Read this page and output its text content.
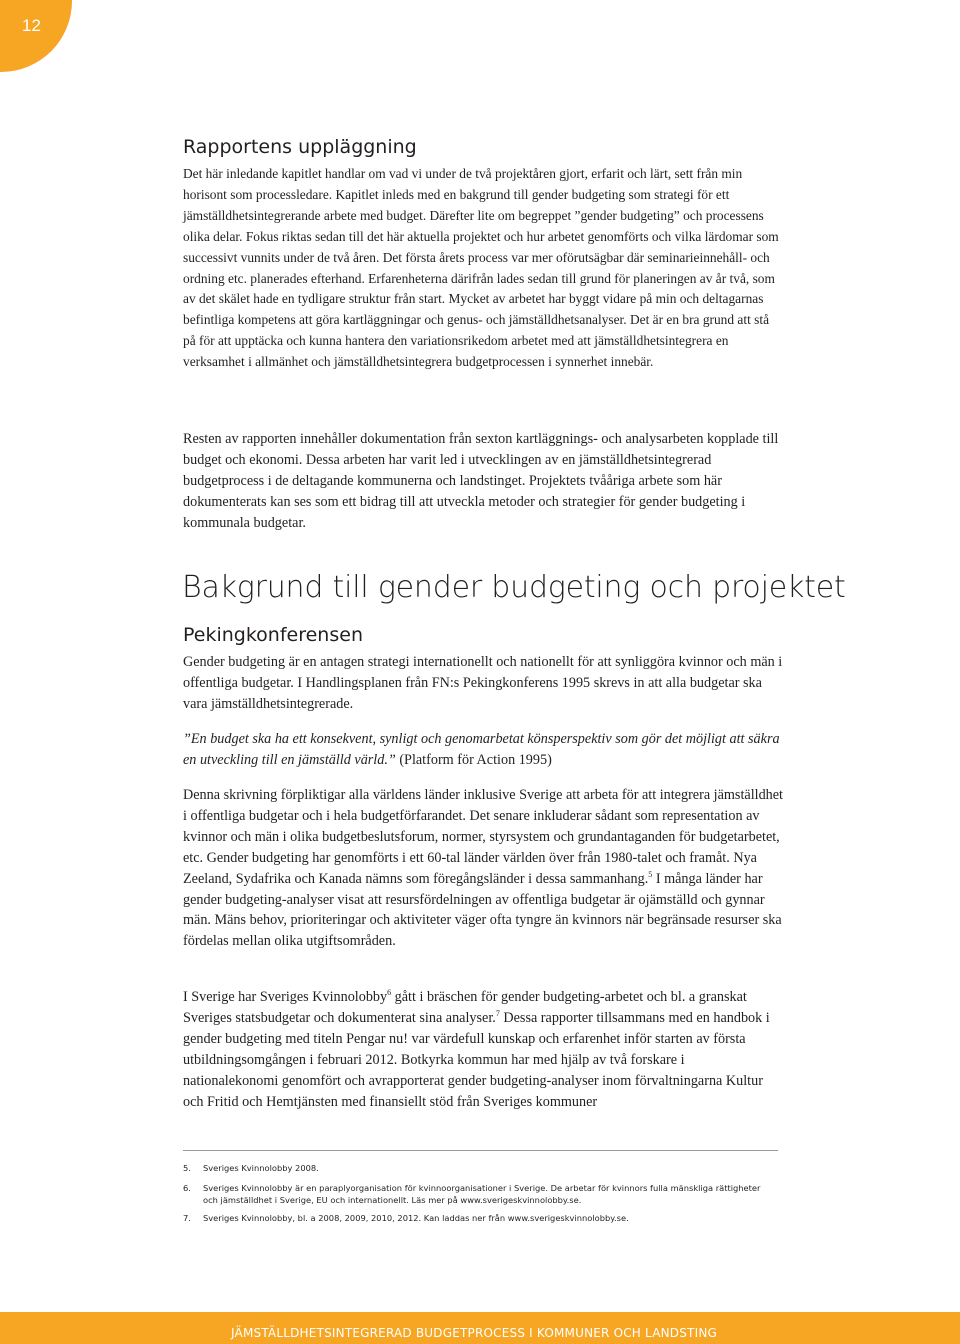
12
Rapportens uppläggning

Det här inledande kapitlet handlar om vad vi under de två projektåren gjort, erfarit och lärt, sett från min horisont som processledare. Kapitlet inleds med en bakgrund till gender budgeting som strategi för ett jämställdhetsintegrerande arbete med budget. Därefter lite om begreppet ”gender budgeting” och processens olika delar. Fokus riktas sedan till det här aktuella projektet och hur arbetet genomförts och vilka lärdomar som successivt vunnits under de två åren. Det första årets process var mer oförutsägbar där seminarieinnehåll- och ordning etc. planerades efterhand. Erfarenheterna därifrån lades sedan till grund för planeringen av år två, som av det skälet hade en tydligare struktur från start. Mycket av arbetet har byggt vidare på min och deltagarnas befintliga kompetens att göra kartläggningar och genus- och jämställdhetsanalyser. Det är en bra grund att stå på för att upptäcka och kunna hantera den variationsrikedom arbetet med att jämställdhetsintegrera en verksamhet i allmänhet och jämställdhetsintegrera budgetprocessen i synnerhet innebär.

Resten av rapporten innehåller dokumentation från sexton kartläggnings- och analysarbeten kopplade till budget och ekonomi. Dessa arbeten har varit led i utvecklingen av en jämställdhetsintegrerad budgetprocess i de deltagande kommunerna och landstinget. Projektets tvååriga arbete som här dokumenterats kan ses som ett bidrag till att utveckla metoder och strategier för gender budgeting i kommunala budgetar.

Bakgrund till gender budgeting och projektet
Pekingkonferensen

Gender budgeting är en antagen strategi internationellt och nationellt för att synliggöra kvinnor och män i offentliga budgetar. I Handlingsplanen från FN:s Pekingkonferens 1995 skrevs in att alla budgetar ska vara jämställdhetsintegrerade.

”En budget ska ha ett konsekvent, synligt och genomarbetat könsperspektiv som gör det möjligt att säkra en utveckling till en jämställd värld.” (Platform för Action 1995)

Denna skrivning förpliktigar alla världens länder inklusive Sverige att arbeta för att integrera jämställdhet i offentliga budgetar och i hela budgetförfarandet. Det senare inkluderar sådant som representation av kvinnor och män i olika budgetbeslutsforum, normer, styrsystem och grundantaganden för budgetarbetet, etc. Gender budgeting har genomförts i ett 60-tal länder världen över från 1980-talet och framåt. Nya Zeeland, Sydafrika och Kanada nämns som föregångsländer i dessa sammanhang.$^5$ I många länder har gender budgeting-analyser visat att resursfördelningen av offentliga budgetar är ojämställd och gynnar män. Mäns behov, prioriteringar och aktiviteter väger ofta tyngre än kvinnors när begränsade resurser ska fördelas mellan olika utgiftsområden.

I Sverige har Sveriges Kvinnolobby$^6$ gått i bräschen för gender budgeting-arbetet och bl. a granskat Sveriges statsbudgetar och dokumenterat sina analyser.$^7$ Dessa rapporter tillsammans med en handbok i gender budgeting med titeln Pengar nu! var värdefull kunskap och erfarenhet inför starten av första utbildningsomgången i februari 2012. Botkyrka kommun har med hjälp av två forskare i nationalekonomi genomfört och avrapporterat gender budgeting-analyser inom förvaltningarna Kultur och Fritid och Hemtjänsten med finansiellt stöd från Sveriges kommuner

5. Sveriges Kvinnolobby 2008.
6. Sveriges Kvinnolobby är en paraplyorganisation för kvinnoorganisationer i Sverige. De arbetar för kvinnors fulla mänskliga rättigheter och jämställdhet i Sverige, EU och internationellt. Läs mer på www.sverigeskvinnolobby.se.
7. Sveriges Kvinnolobby, bl. a 2008, 2009, 2010, 2012. Kan laddas ner från www.sverigeskvinnolobby.se.
JÄMSTÄLLDHETSINTEGRERAD BUDGETPROCESS I KOMMUNER OCH LANDSTING
